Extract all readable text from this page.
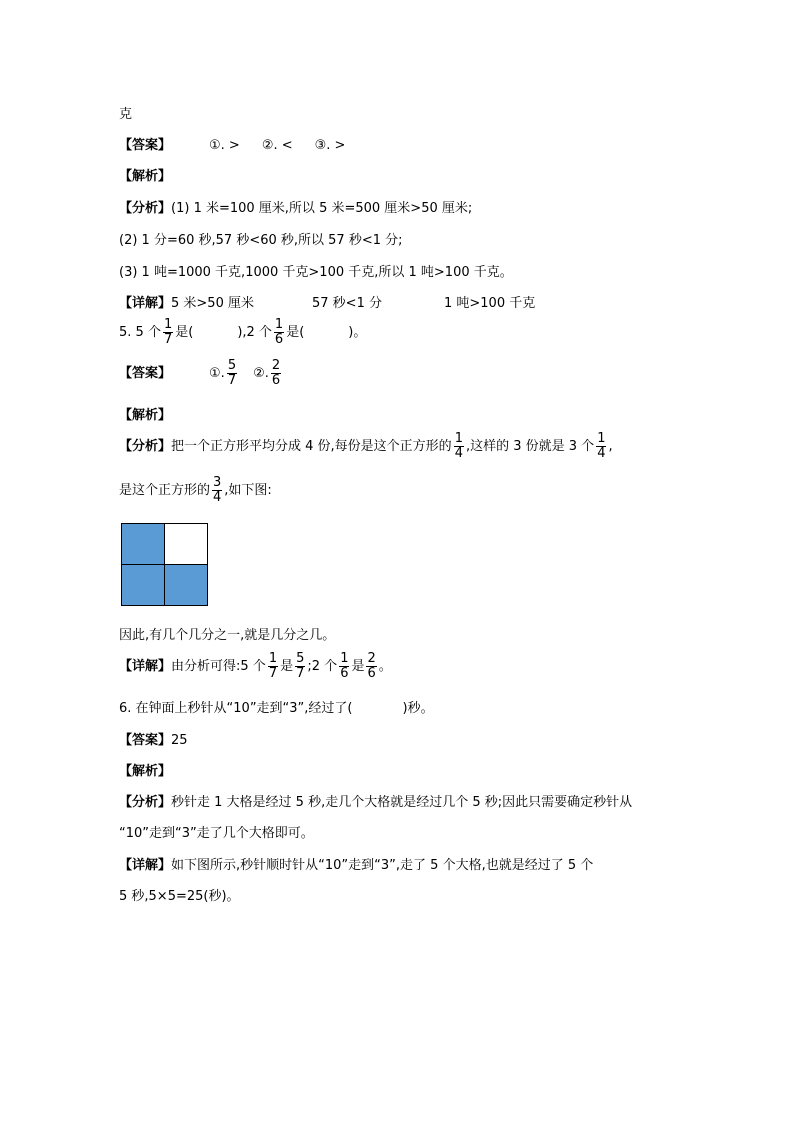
克
【答案】	①. > ②. < ③. >
【解析】
【分析】(1) 1 米=100 厘米,所以 5 米=500 厘米>50 厘米;
(2) 1 分=60 秒,57 秒<60 秒,所以 57 秒<1 分;
(3) 1 吨=1000 千克,1000 千克>100 千克,所以 1 吨>100 千克。
【详解】5 米>50 厘米	57 秒<1 分	1 吨>100 千克
5. 5 个 $\frac{1}{7}$ 是(	),2 个 $\frac{1}{6}$ 是(	)。
【答案】	①. $\frac{5}{7}$ ②. $\frac{2}{6}$
【解析】
【分析】把一个正方形平均分成 4 份,每份是这个正方形的 $\frac{1}{4}$ ,这样的 3 份就是 3 个 $\frac{1}{4}$ ,
是这个正方形的 $\frac{3}{4}$ ,如下图:
因此,有几个几分之一,就是几分之几。
【详解】由分析可得:5 个 $\frac{1}{7}$ 是 $\frac{5}{7}$ ;2 个 $\frac{1}{6}$ 是 $\frac{2}{6}$ 。
6. 在钟面上秒针从“10”走到“3”,经过了(	)秒。
【答案】25
【解析】
【分析】秒针走 1 大格是经过 5 秒,走几个大格就是经过几个 5 秒;因此只需要确定秒针从
“10”走到“3”走了几个大格即可。
【详解】如下图所示,秒针顺时针从“10”走到“3”,走了 5 个大格,也就是经过了 5 个
5 秒,5×5=25(秒)。
